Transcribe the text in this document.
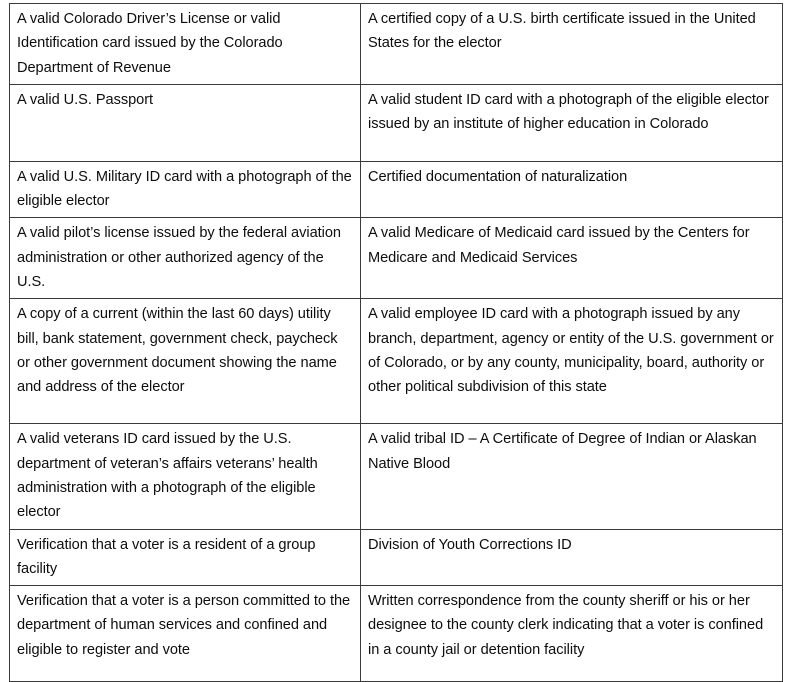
A valid Colorado Driver’s License or valid Identification card issued by the Colorado Department of Revenue	A certified copy of a U.S. birth certificate issued in the United States for the elector

A valid U.S. Passport	A valid student ID card with a photograph of the eligible elector issued by an institute of higher education in Colorado

A valid U.S. Military ID card with a photograph of the eligible elector	Certified documentation of naturalization

A valid pilot’s license issued by the federal aviation administration or other authorized agency of the U.S.	A valid Medicare of Medicaid card issued by the Centers for Medicare and Medicaid Services

A copy of a current (within the last 60 days) utility bill, bank statement, government check, paycheck or other government document showing the name and address of the elector	A valid employee ID card with a photograph issued by any branch, department, agency or entity of the U.S. government or of Colorado, or by any county, municipality, board, authority or other political subdivision of this state

A valid veterans ID card issued by the U.S. department of veteran’s affairs veterans’ health administration with a photograph of the eligible elector	A valid tribal ID – A Certificate of Degree of Indian or Alaskan Native Blood

Verification that a voter is a resident of a group facility	Division of Youth Corrections ID

Verification that a voter is a person committed to the department of human services and confined and eligible to register and vote	Written correspondence from the county sheriff or his or her designee to the county clerk indicating that a voter is confined in a county jail or detention facility
